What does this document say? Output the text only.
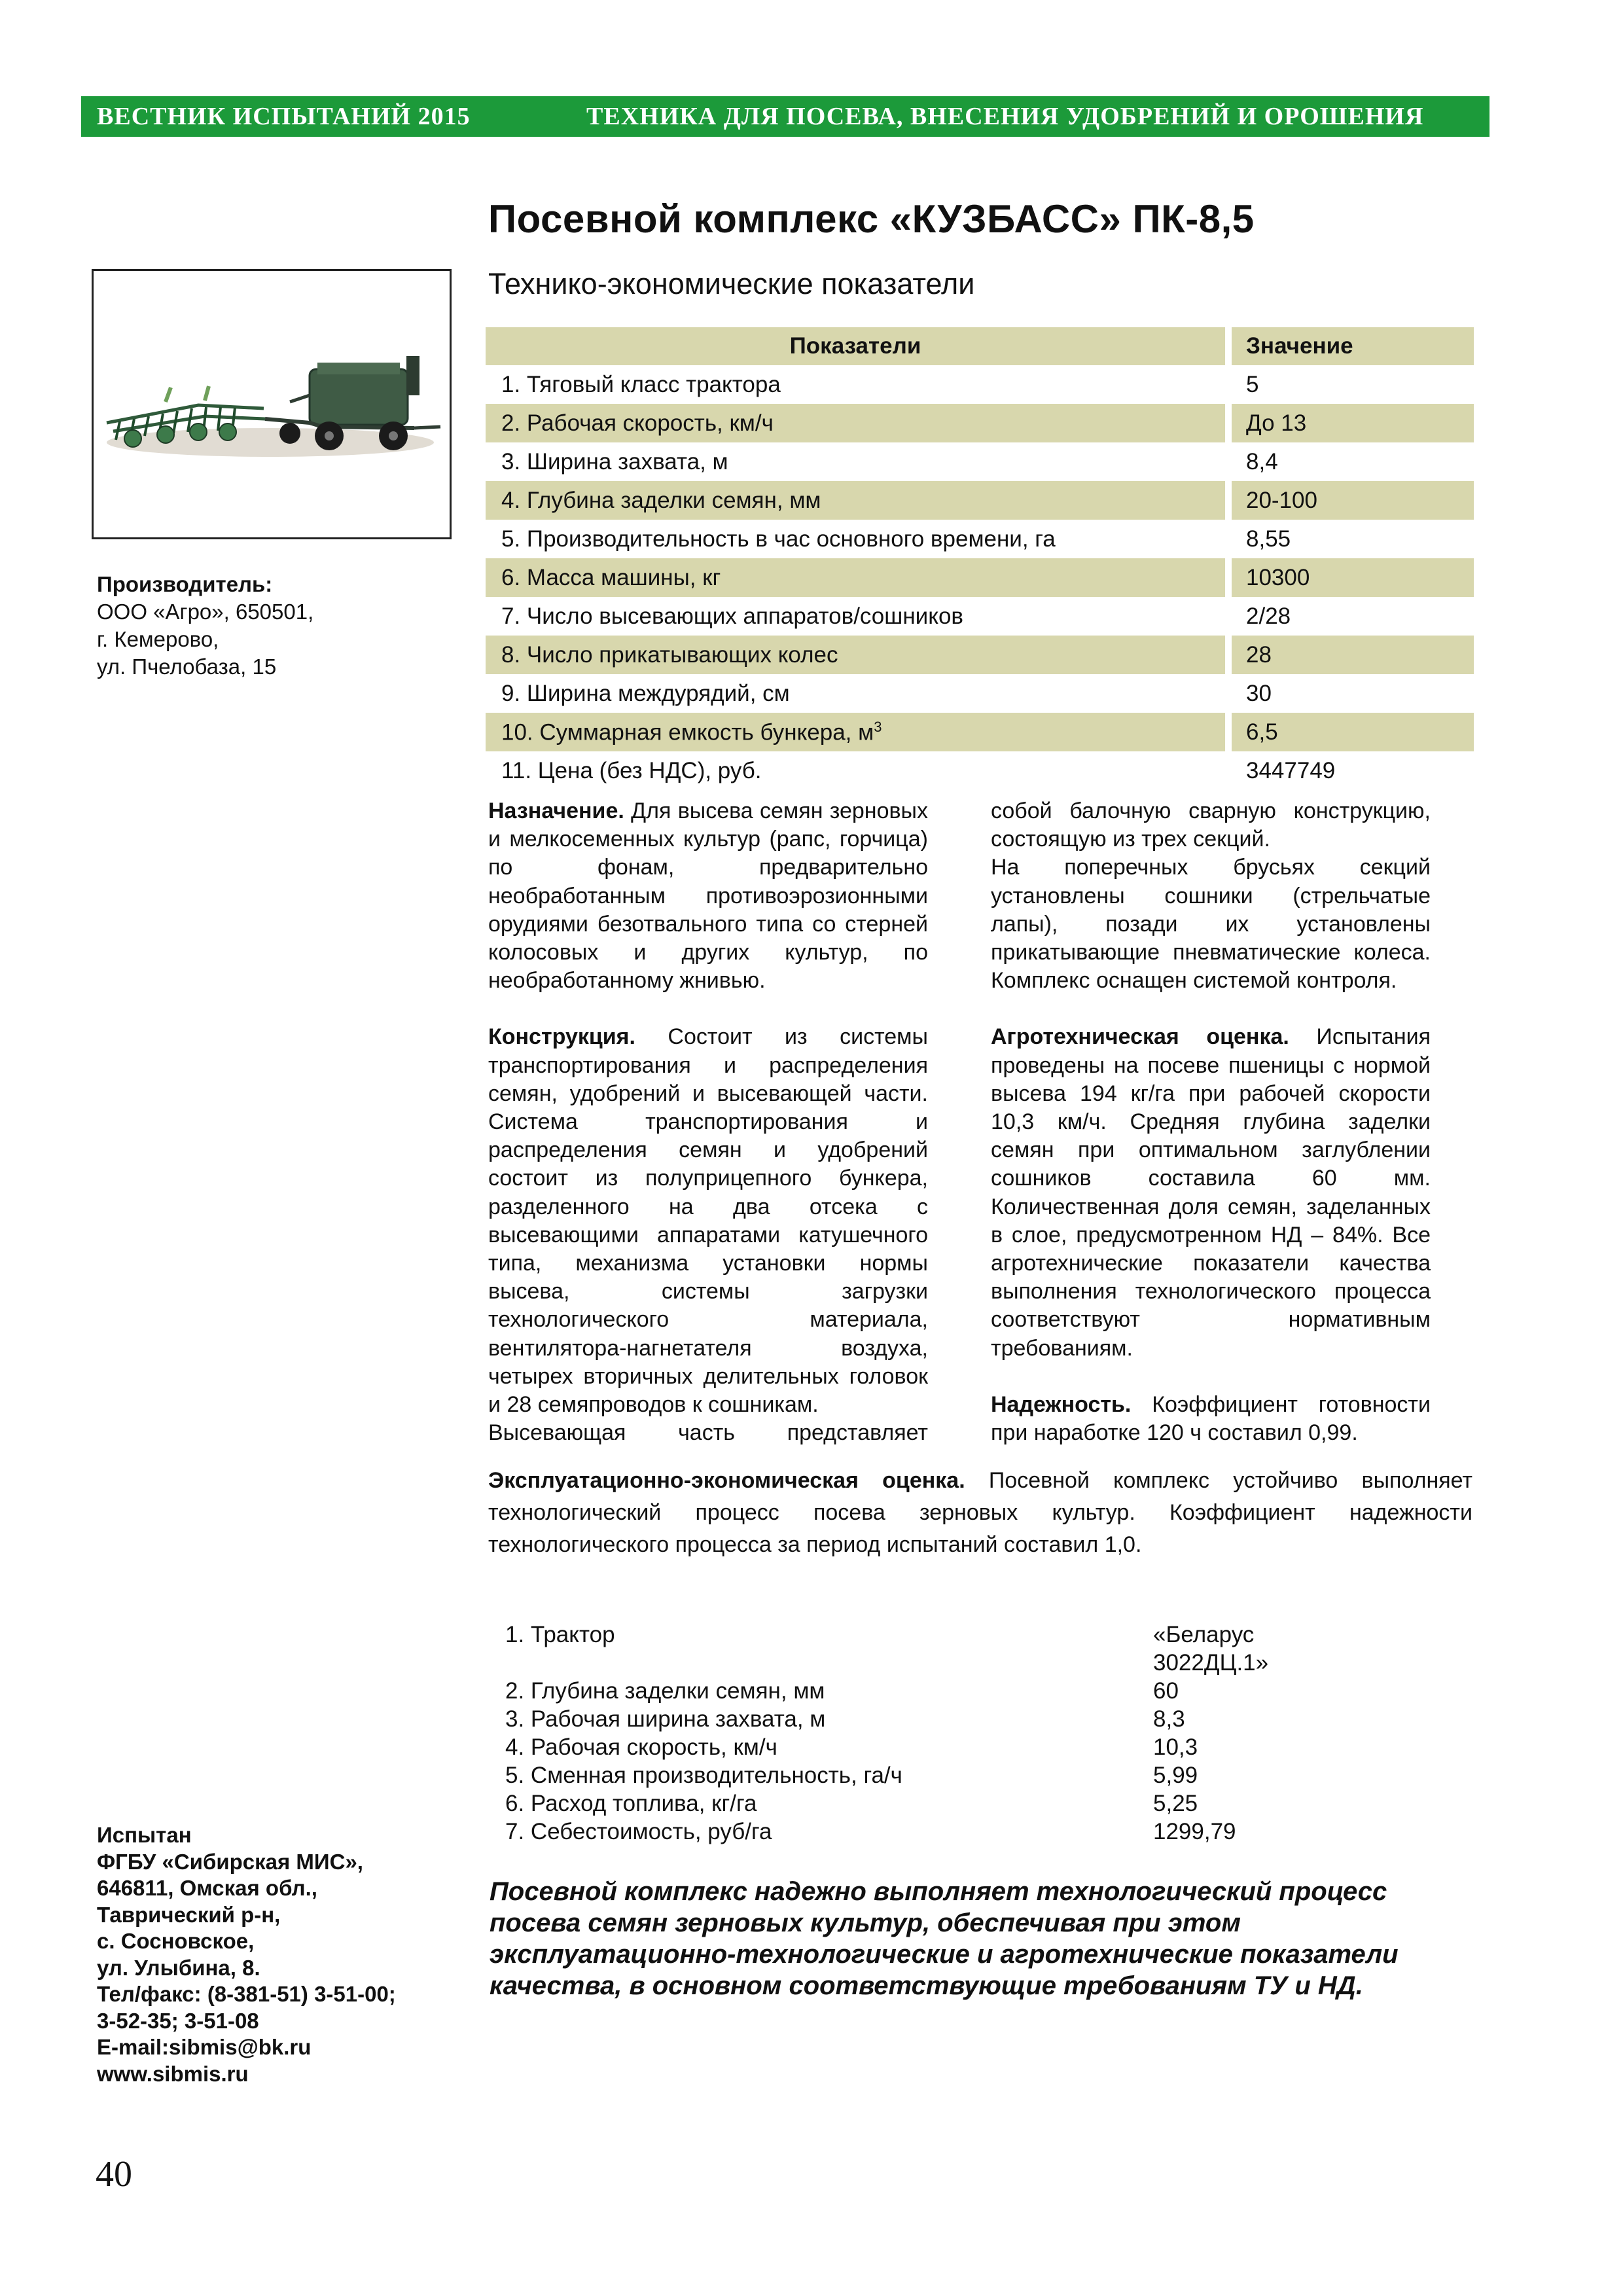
ВЕСТНИК ИСПЫТАНИЙ 2015	ТЕХНИКА ДЛЯ ПОСЕВА, ВНЕСЕНИЯ УДОБРЕНИЙ И ОРОШЕНИЯ
Посевной комплекс «КУЗБАСС» ПК-8,5
Технико-экономические показатели
Производитель:
ООО «Агро», 650501,
г. Кемерово,
ул. Пчелобаза, 15
Показатели	Значение
1. Тяговый класс трактора	5
2. Рабочая скорость, км/ч	До 13
3. Ширина захвата, м	8,4
4. Глубина заделки семян, мм	20-100
5. Производительность в час основного времени, га	8,55
6. Масса машины, кг	10300
7. Число высевающих аппаратов/сошников	2/28
8. Число прикатывающих колес	28
9. Ширина междурядий, см	30
10. Суммарная емкость бункера, $м^3$	6,5
11. Цена (без НДС), руб.	3447749

Назначение. Для высева семян зерновых и мелкосеменных культур (рапс, горчица) по фонам, предварительно необработанным противоэрозионными орудиями безотвального типа со стерней колосовых и других культур, по необработанному жнивью.

Конструкция. Состоит из системы транспортирования и распределения семян, удобрений и высевающей части. Система транспортирования и распределения семян и удобрений состоит из полуприцепного бункера, разделенного на два отсека с высевающими аппаратами катушечного типа, механизма установки нормы высева, системы загрузки технологического материала, вентилятора-нагнетателя воздуха, четырех вторичных делительных головок и 28 семяпроводов к сошникам.

Высевающая часть представляет

собой балочную сварную конструкцию, состоящую из трех секций.

На поперечных брусьях секций установлены сошники (стрельчатые лапы), позади их установлены прикатывающие пневматические колеса. Комплекс оснащен системой контроля.

Агротехническая оценка. Испытания проведены на посеве пшеницы с нормой высева 194 кг/га при рабочей скорости 10,3 км/ч. Средняя глубина заделки семян при оптимальном заглублении сошников составила 60 мм. Количественная доля семян, заделанных в слое, предусмотренном НД – 84%. Все агротехнические показатели качества выполнения технологического процесса соответствуют нормативным требованиям.

Надежность. Коэффициент готовности при наработке 120 ч составил 0,99.

Эксплуатационно-экономическая оценка. Посевной комплекс устойчиво выполняет технологический процесс посева зерновых культур. Коэффициент надежности технологического процесса за период испытаний составил 1,0.
1. Трактор	«Беларус 3022ДЦ.1»
2. Глубина заделки семян, мм	60
3. Рабочая ширина захвата, м	8,3
4. Рабочая скорость, км/ч	10,3
5. Сменная производительность, га/ч	5,99
6. Расход топлива, кг/га	5,25
7. Себестоимость, руб/га	1299,79
Испытан
ФГБУ «Сибирская МИС»,
646811, Омская обл.,
Таврический р-н,
с. Сосновское,
ул. Улыбина, 8.
Тел/факс: (8-381-51) 3-51-00;
3-52-35; 3-51-08
E-mail:sibmis@bk.ru
www.sibmis.ru
Посевной комплекс надежно выполняет технологический процесс посева семян зерновых культур, обеспечивая при этом эксплуатационно-технологические и агротехнические показатели качества, в основном соответствующие требованиям ТУ и НД.
40
